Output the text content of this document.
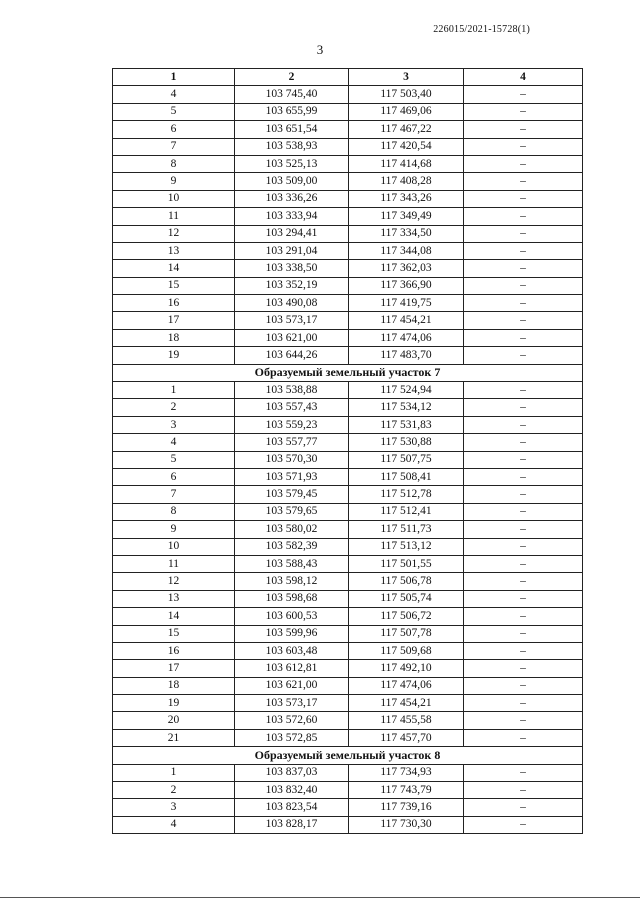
226015/2021-15728(1)
3
1	2	3	4
4	103 745,40	117 503,40	–
5	103 655,99	117 469,06	–
6	103 651,54	117 467,22	–
7	103 538,93	117 420,54	–
8	103 525,13	117 414,68	–
9	103 509,00	117 408,28	–
10	103 336,26	117 343,26	–
11	103 333,94	117 349,49	–
12	103 294,41	117 334,50	–
13	103 291,04	117 344,08	–
14	103 338,50	117 362,03	–
15	103 352,19	117 366,90	–
16	103 490,08	117 419,75	–
17	103 573,17	117 454,21	–
18	103 621,00	117 474,06	–
19	103 644,26	117 483,70	–
Образуемый земельный участок 7			
1	103 538,88	117 524,94	–
2	103 557,43	117 534,12	–
3	103 559,23	117 531,83	–
4	103 557,77	117 530,88	–
5	103 570,30	117 507,75	–
6	103 571,93	117 508,41	–
7	103 579,45	117 512,78	–
8	103 579,65	117 512,41	–
9	103 580,02	117 511,73	–
10	103 582,39	117 513,12	–
11	103 588,43	117 501,55	–
12	103 598,12	117 506,78	–
13	103 598,68	117 505,74	–
14	103 600,53	117 506,72	–
15	103 599,96	117 507,78	–
16	103 603,48	117 509,68	–
17	103 612,81	117 492,10	–
18	103 621,00	117 474,06	–
19	103 573,17	117 454,21	–
20	103 572,60	117 455,58	–
21	103 572,85	117 457,70	–
Образуемый земельный участок 8			
1	103 837,03	117 734,93	–
2	103 832,40	117 743,79	–
3	103 823,54	117 739,16	–
4	103 828,17	117 730,30	–
